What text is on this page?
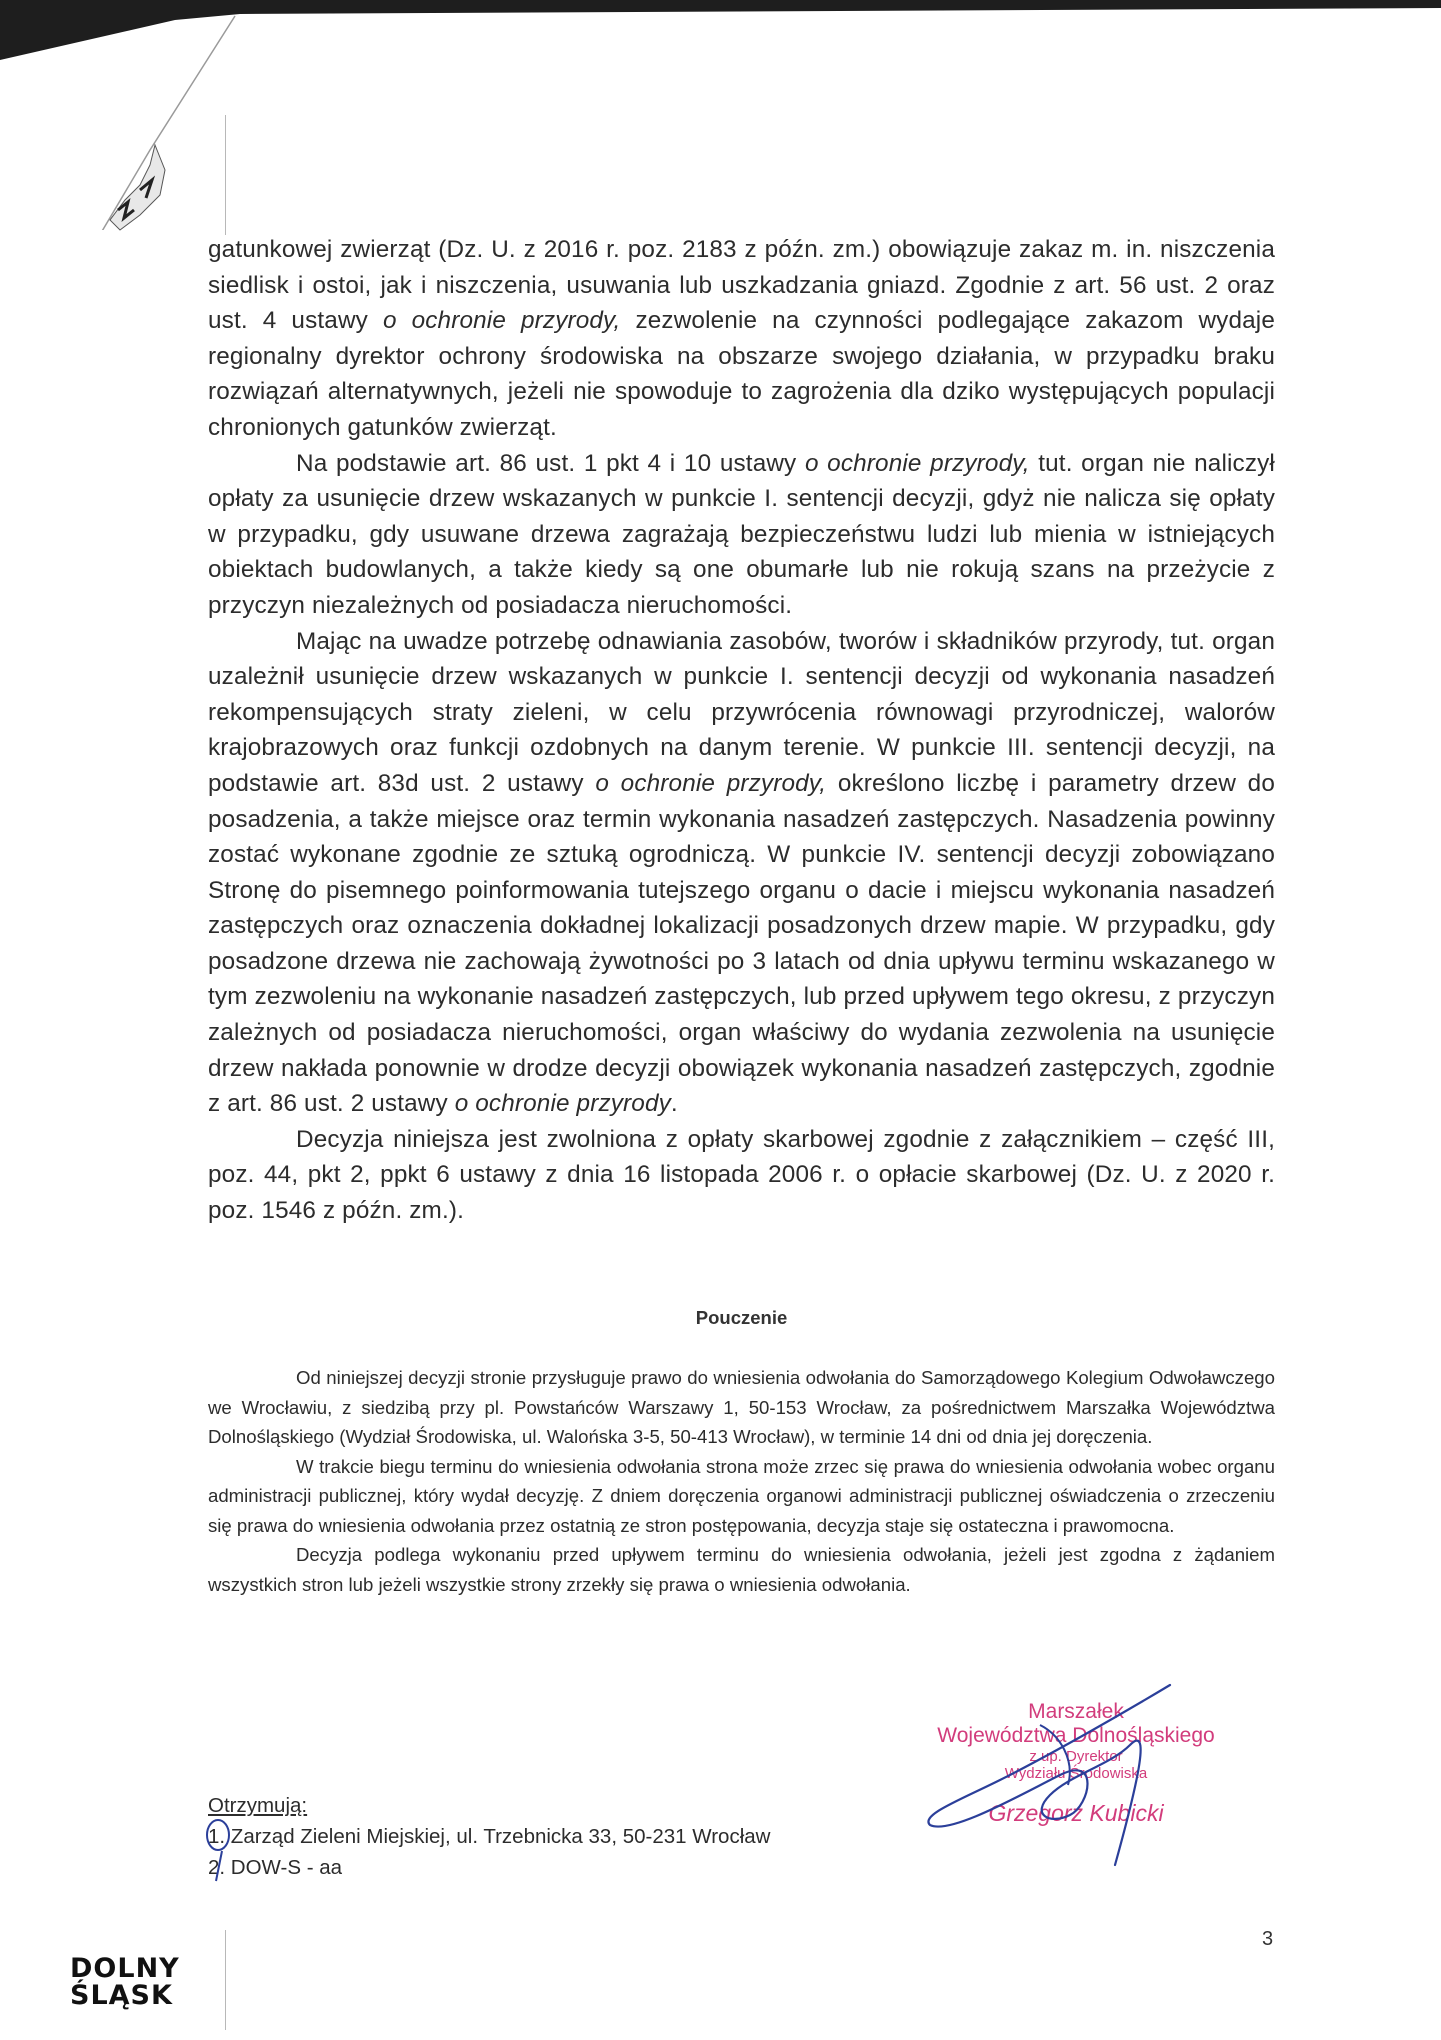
gatunkowej zwierząt (Dz. U. z 2016 r. poz. 2183 z późn. zm.) obowiązuje zakaz m. in. niszczenia siedlisk i ostoi, jak i niszczenia, usuwania lub uszkadzania gniazd. Zgodnie z art. 56 ust. 2 oraz ust. 4 ustawy o ochronie przyrody, zezwolenie na czynności podlegające zakazom wydaje regionalny dyrektor ochrony środowiska na obszarze swojego działania, w przypadku braku rozwiązań alternatywnych, jeżeli nie spowoduje to zagrożenia dla dziko występujących populacji chronionych gatunków zwierząt.

Na podstawie art. 86 ust. 1 pkt 4 i 10 ustawy o ochronie przyrody, tut. organ nie naliczył opłaty za usunięcie drzew wskazanych w punkcie I. sentencji decyzji, gdyż nie nalicza się opłaty w przypadku, gdy usuwane drzewa zagrażają bezpieczeństwu ludzi lub mienia w istniejących obiektach budowlanych, a także kiedy są one obumarłe lub nie rokują szans na przeżycie z przyczyn niezależnych od posiadacza nieruchomości.

Mając na uwadze potrzebę odnawiania zasobów, tworów i składników przyrody, tut. organ uzależnił usunięcie drzew wskazanych w punkcie I. sentencji decyzji od wykonania nasadzeń rekompensujących straty zieleni, w celu przywrócenia równowagi przyrodniczej, walorów krajobrazowych oraz funkcji ozdobnych na danym terenie. W punkcie III. sentencji decyzji, na podstawie art. 83d ust. 2 ustawy o ochronie przyrody, określono liczbę i parametry drzew do posadzenia, a także miejsce oraz termin wykonania nasadzeń zastępczych. Nasadzenia powinny zostać wykonane zgodnie ze sztuką ogrodniczą. W punkcie IV. sentencji decyzji zobowiązano Stronę do pisemnego poinformowania tutejszego organu o dacie i miejscu wykonania nasadzeń zastępczych oraz oznaczenia dokładnej lokalizacji posadzonych drzew mapie. W przypadku, gdy posadzone drzewa nie zachowają żywotności po 3 latach od dnia upływu terminu wskazanego w tym zezwoleniu na wykonanie nasadzeń zastępczych, lub przed upływem tego okresu, z przyczyn zależnych od posiadacza nieruchomości, organ właściwy do wydania zezwolenia na usunięcie drzew nakłada ponownie w drodze decyzji obowiązek wykonania nasadzeń zastępczych, zgodnie z art. 86 ust. 2 ustawy o ochronie przyrody.

Decyzja niniejsza jest zwolniona z opłaty skarbowej zgodnie z załącznikiem – część III, poz. 44, pkt 2, ppkt 6 ustawy z dnia 16 listopada 2006 r. o opłacie skarbowej (Dz. U. z 2020 r. poz. 1546 z późn. zm.).

Pouczenie

Od niniejszej decyzji stronie przysługuje prawo do wniesienia odwołania do Samorządowego Kolegium Odwoławczego we Wrocławiu, z siedzibą przy pl. Powstańców Warszawy 1, 50-153 Wrocław, za pośrednictwem Marszałka Województwa Dolnośląskiego (Wydział Środowiska, ul. Walońska 3-5, 50-413 Wrocław), w terminie 14 dni od dnia jej doręczenia.

W trakcie biegu terminu do wniesienia odwołania strona może zrzec się prawa do wniesienia odwołania wobec organu administracji publicznej, który wydał decyzję. Z dniem doręczenia organowi administracji publicznej oświadczenia o zrzeczeniu się prawa do wniesienia odwołania przez ostatnią ze stron postępowania, decyzja staje się ostateczna i prawomocna.

Decyzja podlega wykonaniu przed upływem terminu do wniesienia odwołania, jeżeli jest zgodna z żądaniem wszystkich stron lub jeżeli wszystkie strony zrzekły się prawa o wniesienia odwołania.

Marszałek
Województwa Dolnośląskiego
z up. Dyrektor
Wydziału Środowiska
Grzegorz Kubicki
Otrzymują:
1. Zarząd Zieleni Miejskiej, ul. Trzebnicka 33, 50-231 Wrocław
2. DOW-S - aa
3
DOLNY
ŚLĄSK
